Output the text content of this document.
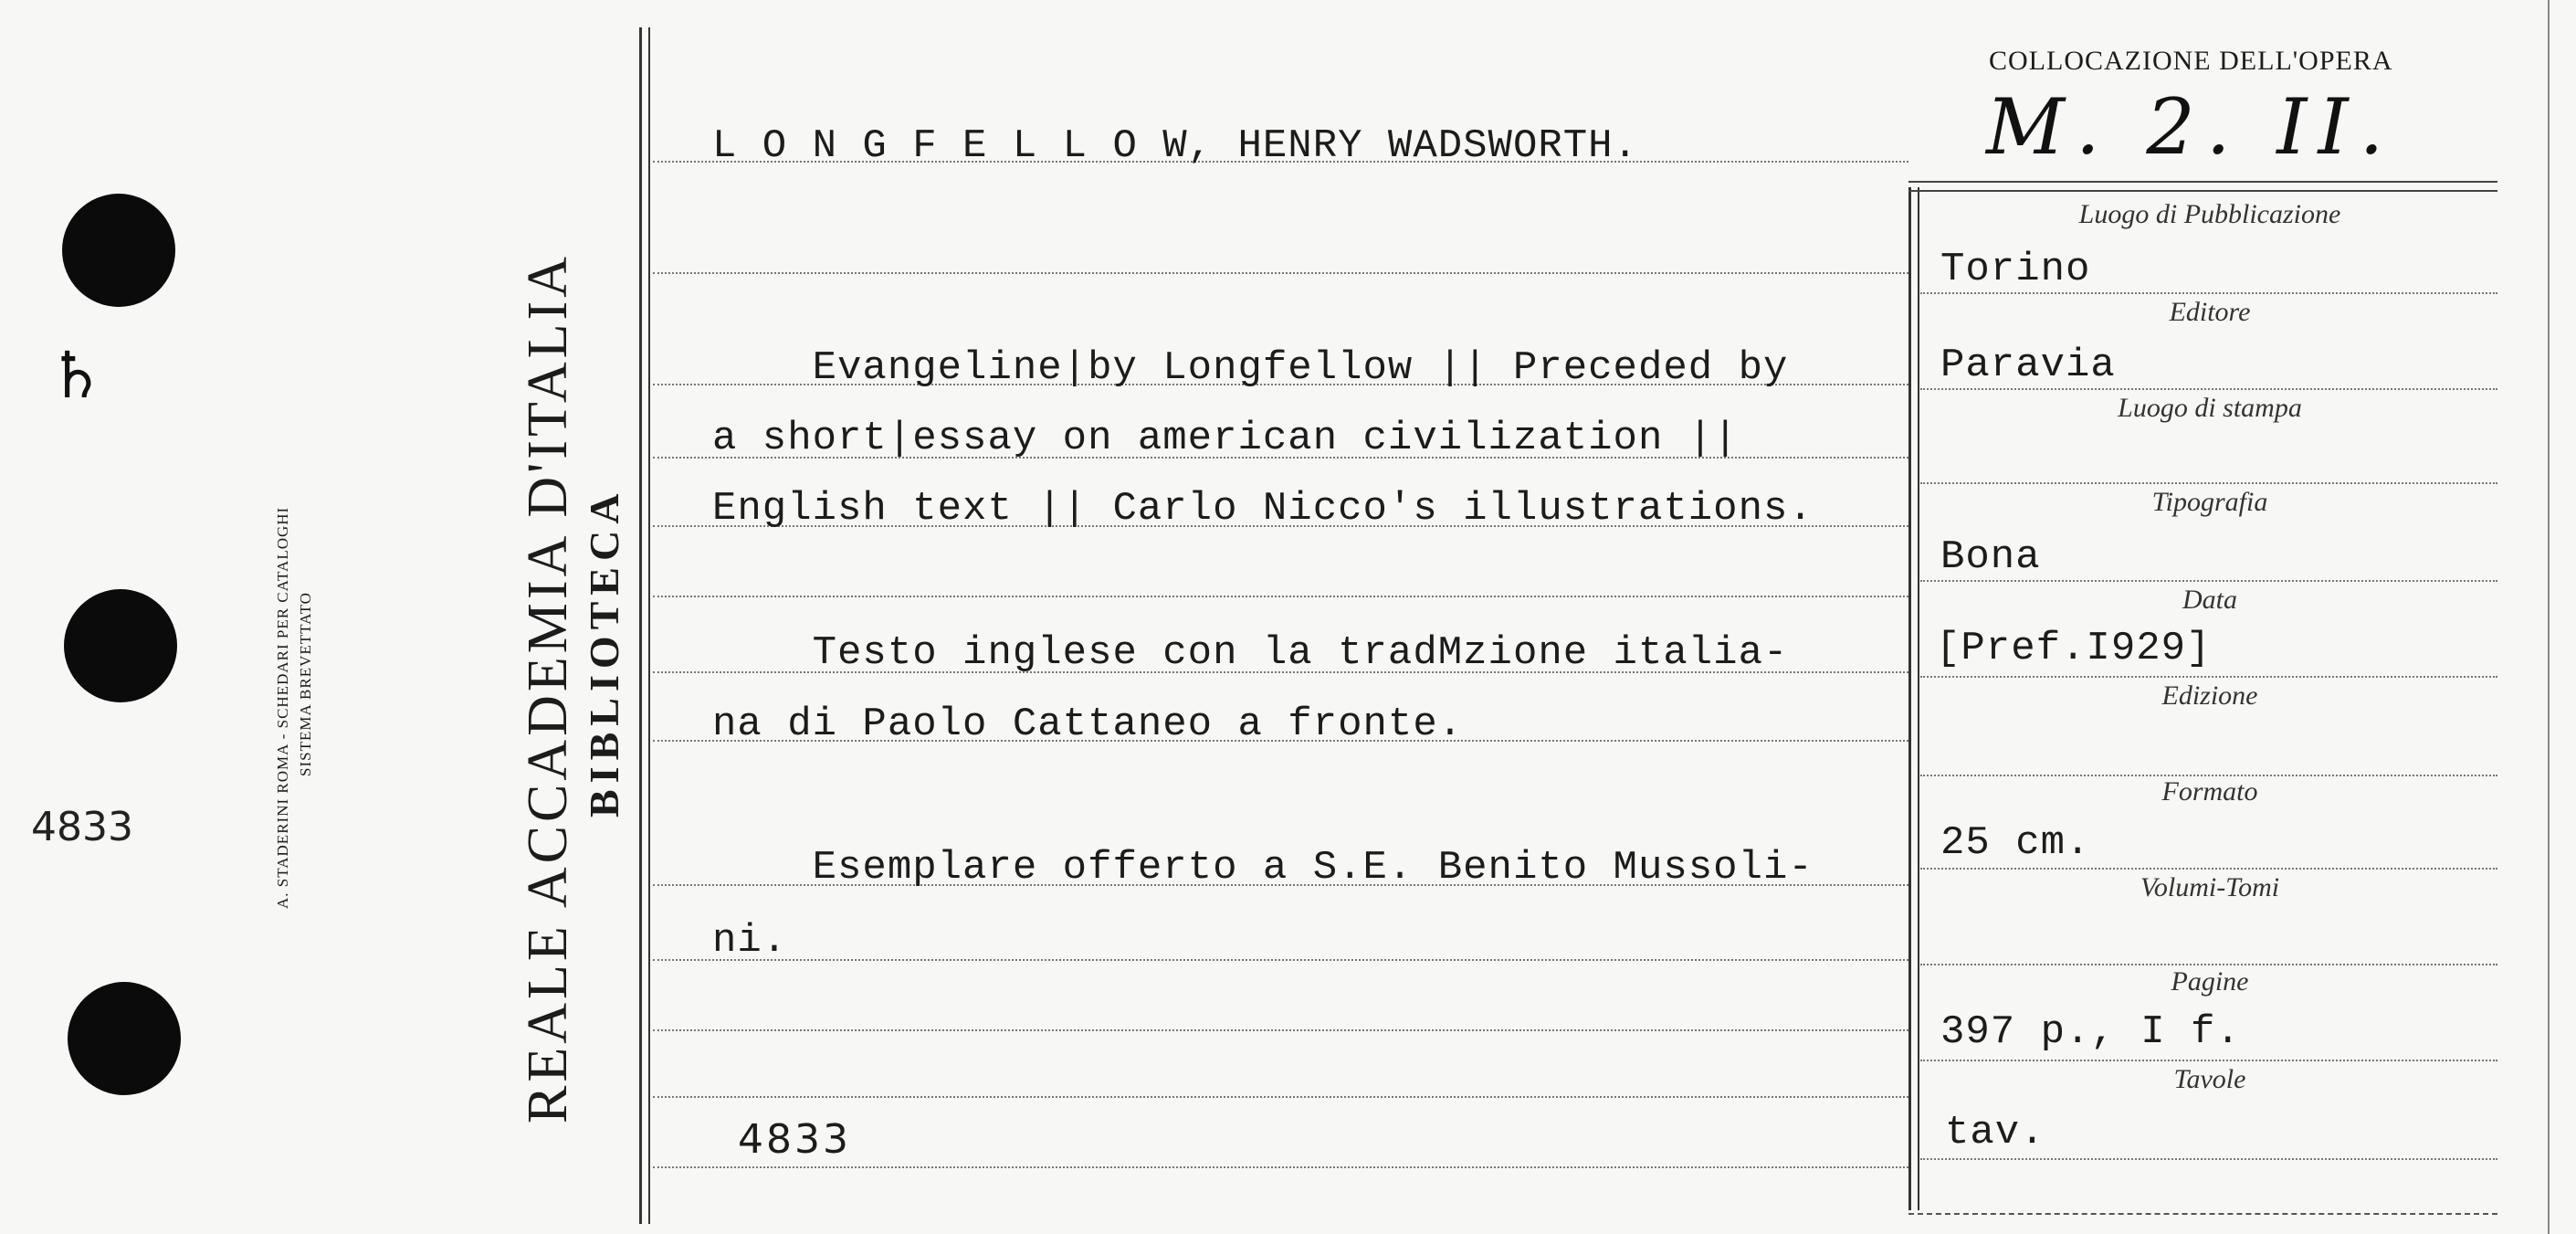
♄
4833	A. STADERINI ROMA - SCHEDARI PER CATALOGHI SISTEMA BREVETTATO	REALE ACCADEMIA D'ITALIA BIBLIOTECA
L O N G F E L L O W, HENRY WADSWORTH.
Evangeline|by Longfellow || Preceded by
a short|essay on american civilization ||
English text || Carlo Nicco's illustrations.
Testo inglese con la tradMzione italia-
na di Paolo Cattaneo a fronte.
Esemplare offerto a S.E. Benito Mussoli-
ni.
4833
COLLOCAZIONE DELL'OPERA
M. 2. II.
Luogo di Pubblicazione
Torino
Editore
Paravia
Luogo di stampa
Tipografia
Bona
Data
[Pref.I929]
Edizione
Formato
25 cm.
Volumi-Tomi
Pagine
397 p., I f.
Tavole
tav.
